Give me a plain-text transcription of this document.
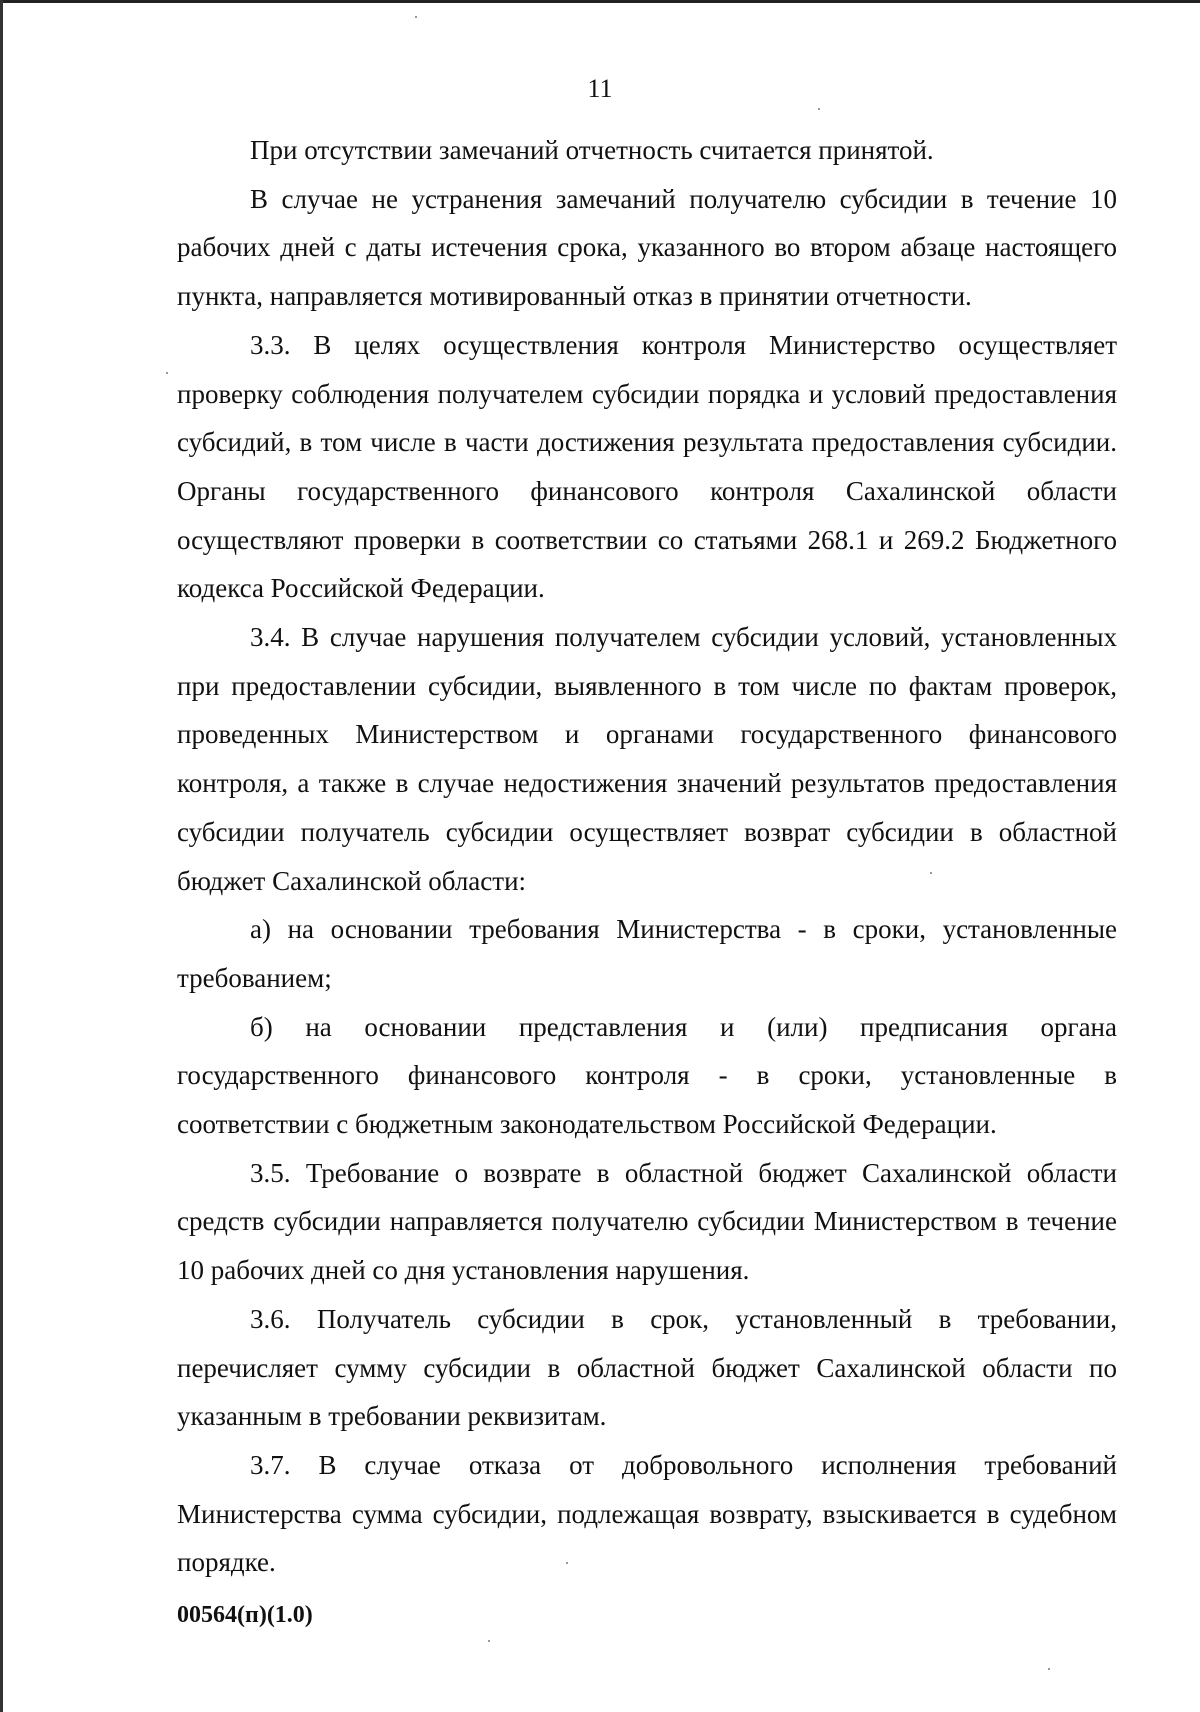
11

При отсутствии замечаний отчетность считается принятой.

В случае не устранения замечаний получателю субсидии в течение 10 рабочих дней с даты истечения срока, указанного во втором абзаце настоящего пункта, направляется мотивированный отказ в принятии отчетности.

3.3. В целях осуществления контроля Министерство осуществляет проверку соблюдения получателем субсидии порядка и условий предоставления субсидий, в том числе в части достижения результата предоставления субсидии. Органы государственного финансового контроля Сахалинской области осуществляют проверки в соответствии со статьями 268.1 и 269.2 Бюджетного кодекса Российской Федерации.

3.4. В случае нарушения получателем субсидии условий, установленных при предоставлении субсидии, выявленного в том числе по фактам проверок, проведенных Министерством и органами государственного финансового контроля, а также в случае недостижения значений результатов предоставления субсидии получатель субсидии осуществляет возврат субсидии в областной бюджет Сахалинской области:

а) на основании требования Министерства - в сроки, установленные требованием;

б) на основании представления и (или) предписания органа государственного финансового контроля - в сроки, установленные в соответствии с бюджетным законодательством Российской Федерации.

3.5. Требование о возврате в областной бюджет Сахалинской области средств субсидии направляется получателю субсидии Министерством в течение 10 рабочих дней со дня установления нарушения.

3.6. Получатель субсидии в срок, установленный в требовании, перечисляет сумму субсидии в областной бюджет Сахалинской области по указанным в требовании реквизитам.

3.7. В случае отказа от добровольного исполнения требований Министерства сумма субсидии, подлежащая возврату, взыскивается в судебном порядке.

00564(п)(1.0)
